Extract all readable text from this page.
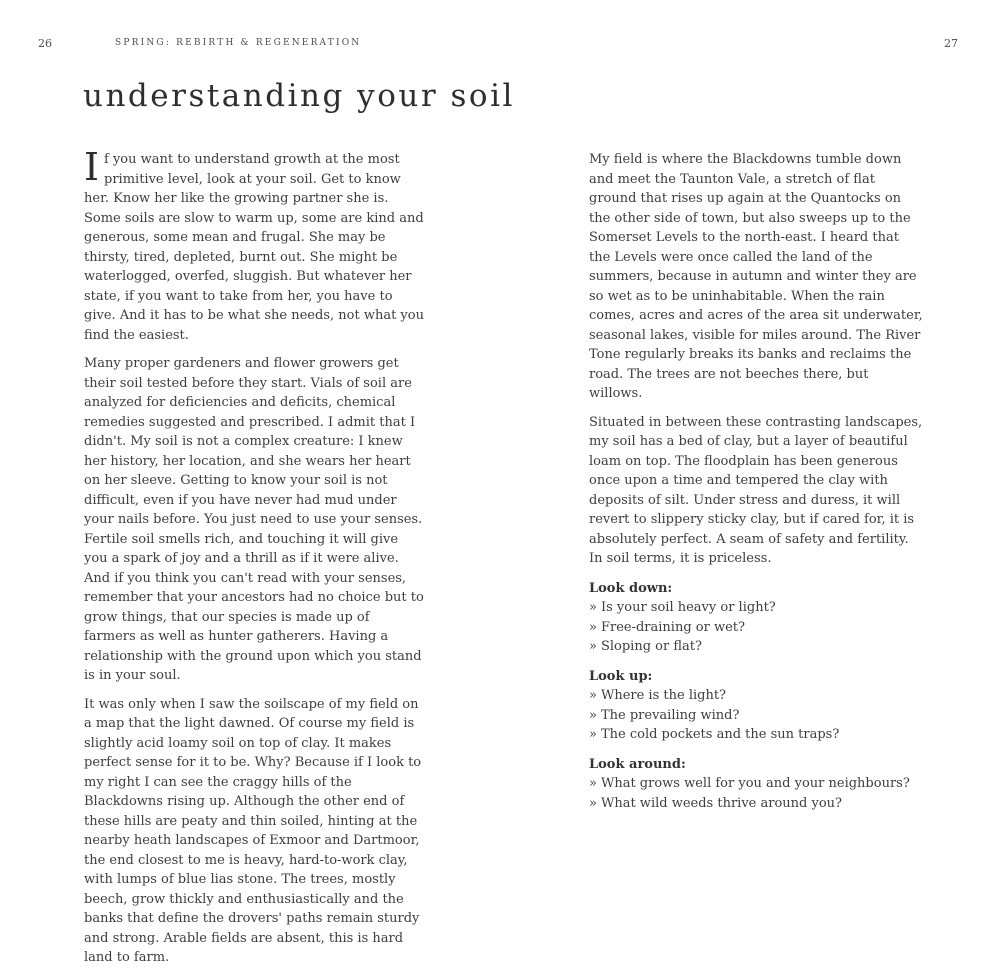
26	SPRING: REBIRTH & REGENERATION	27
understanding your soil

If you want to understand growth at the most primitive level, look at your soil. Get to know her. Know her like the growing partner she is. Some soils are slow to warm up, some are kind and generous, some mean and frugal. She may be thirsty, tired, depleted, burnt out. She might be waterlogged, overfed, sluggish. But whatever her state, if you want to take from her, you have to give. And it has to be what she needs, not what you find the easiest.

Many proper gardeners and flower growers get their soil tested before they start. Vials of soil are analyzed for deficiencies and deficits, chemical remedies suggested and prescribed. I admit that I didn't. My soil is not a complex creature: I knew her history, her location, and she wears her heart on her sleeve. Getting to know your soil is not difficult, even if you have never had mud under your nails before. You just need to use your senses. Fertile soil smells rich, and touching it will give you a spark of joy and a thrill as if it were alive. And if you think you can't read with your senses, remember that your ancestors had no choice but to grow things, that our species is made up of farmers as well as hunter gatherers. Having a relationship with the ground upon which you stand is in your soul.

It was only when I saw the soilscape of my field on a map that the light dawned. Of course my field is slightly acid loamy soil on top of clay. It makes perfect sense for it to be. Why? Because if I look to my right I can see the craggy hills of the Blackdowns rising up. Although the other end of these hills are peaty and thin soiled, hinting at the nearby heath landscapes of Exmoor and Dartmoor, the end closest to me is heavy, hard-to-work clay, with lumps of blue lias stone. The trees, mostly beech, grow thickly and enthusiastically and the banks that define the drovers' paths remain sturdy and strong. Arable fields are absent, this is hard land to farm.

My field is where the Blackdowns tumble down and meet the Taunton Vale, a stretch of flat ground that rises up again at the Quantocks on the other side of town, but also sweeps up to the Somerset Levels to the north-east. I heard that the Levels were once called the land of the summers, because in autumn and winter they are so wet as to be uninhabitable. When the rain comes, acres and acres of the area sit underwater, seasonal lakes, visible for miles around. The River Tone regularly breaks its banks and reclaims the road. The trees are not beeches there, but willows.

Situated in between these contrasting landscapes, my soil has a bed of clay, but a layer of beautiful loam on top. The floodplain has been generous once upon a time and tempered the clay with deposits of silt. Under stress and duress, it will revert to slippery sticky clay, but if cared for, it is absolutely perfect. A seam of safety and fertility. In soil terms, it is priceless.

Look down:

» Is your soil heavy or light?

» Free-draining or wet?

» Sloping or flat?

Look up:

» Where is the light?

» The prevailing wind?

» The cold pockets and the sun traps?

Look around:

» What grows well for you and your neighbours?

» What wild weeds thrive around you?
